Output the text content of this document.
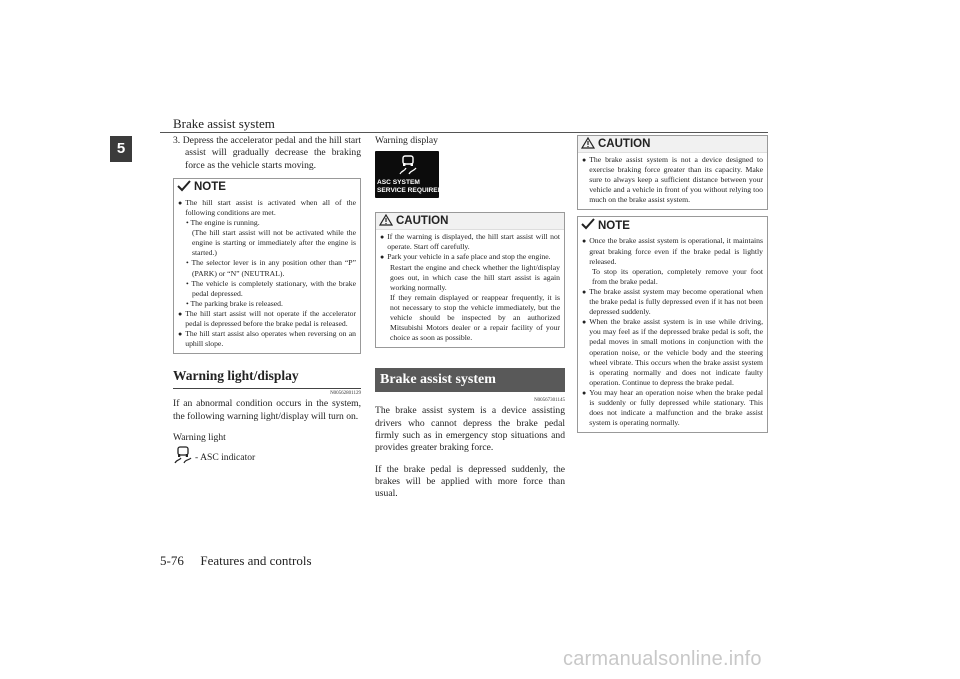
Brake assist system
5	3. Depress the accelerator pedal and the hill start assist will gradually decrease the braking force as the vehicle starts moving.

NOTE
● The hill start assist is activated when all of the following conditions are met.
• The engine is running.
(The hill start assist will not be activated while the engine is starting or immediately after the engine is started.)
• The selector lever is in any position other than “P” (PARK) or “N” (NEUTRAL).
• The vehicle is completely stationary, with the brake pedal depressed.
• The parking brake is released.
● The hill start assist will not operate if the accelerator pedal is depressed before the brake pedal is released.
● The hill start assist also operates when reversing on an uphill slope.
Warning light/display
N00562801129

If an abnormal condition occurs in the system, the following warning light/display will turn on.

Warning light

- ASC indicator

Warning display

ASC SYSTEM
SERVICE REQUIRED
CAUTION
● If the warning is displayed, the hill start assist will not operate. Start off carefully.
● Park your vehicle in a safe place and stop the engine.
Restart the engine and check whether the light/display goes out, in which case the hill start assist is again working normally.
If they remain displayed or reappear frequently, it is not necessary to stop the vehicle immediately, but the vehicle should be inspected by an authorized Mitsubishi Motors dealer or a repair facility of your choice as soon as possible.
Brake assist system
N00567301145

The brake assist system is a device assisting drivers who cannot depress the brake pedal firmly such as in emergency stop situations and provides greater braking force.

If the brake pedal is depressed suddenly, the brakes will be applied with more force than usual.

CAUTION
● The brake assist system is not a device designed to exercise braking force greater than its capacity. Make sure to always keep a sufficient distance between your vehicle and a vehicle in front of you without relying too much on the brake assist system.
NOTE
● Once the brake assist system is operational, it maintains great braking force even if the brake pedal is lightly released.
To stop its operation, completely remove your foot from the brake pedal.
● The brake assist system may become operational when the brake pedal is fully depressed even if it has not been depressed suddenly.
● When the brake assist system is in use while driving, you may feel as if the depressed brake pedal is soft, the pedal moves in small motions in conjunction with the operation noise, or the vehicle body and the steering wheel vibrate. This occurs when the brake assist system is operating normally and does not indicate faulty operation. Continue to depress the brake pedal.
● You may hear an operation noise when the brake pedal is suddenly or fully depressed while stationary. This does not indicate a malfunction and the brake assist system is operating normally.
5-76 Features and controls
carmanualsonline.info
